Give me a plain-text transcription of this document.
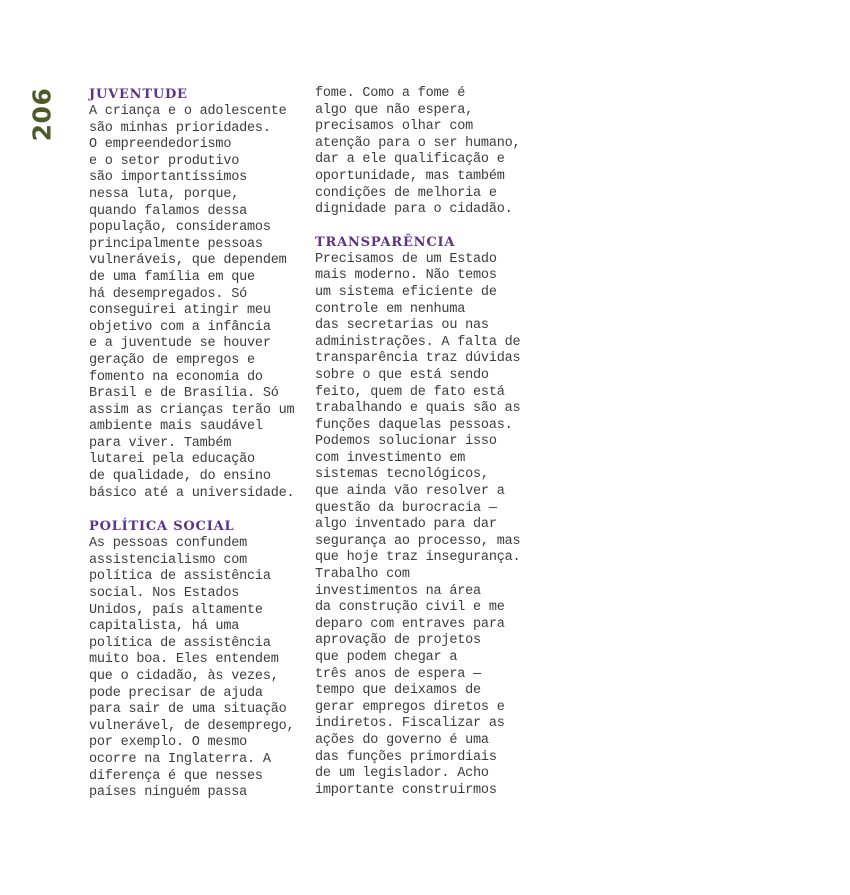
206	JUVENTUDE
A criança e o adolescente
são minhas prioridades.
O empreendedorismo
e o setor produtivo
são importantíssimos
nessa luta, porque,
quando falamos dessa
população, consideramos
principalmente pessoas
vulneráveis, que dependem
de uma família em que
há desempregados. Só
conseguirei atingir meu
objetivo com a infância
e a juventude se houver
geração de empregos e
fomento na economia do
Brasil e de Brasília. Só
assim as crianças terão um
ambiente mais saudável
para viver. Também
lutarei pela educação
de qualidade, do ensino
básico até a universidade.
POLÍTICA SOCIAL
As pessoas confundem
assistencialismo com
política de assistência
social. Nos Estados
Unidos, país altamente
capitalista, há uma
política de assistência
muito boa. Eles entendem
que o cidadão, às vezes,
pode precisar de ajuda
para sair de uma situação
vulnerável, de desemprego,
por exemplo. O mesmo
ocorre na Inglaterra. A
diferença é que nesses
países ninguém passa
fome. Como a fome é
algo que não espera,
precisamos olhar com
atenção para o ser humano,
dar a ele qualificação e
oportunidade, mas também
condições de melhoria e
dignidade para o cidadão.
TRANSPARÊNCIA
Precisamos de um Estado
mais moderno. Não temos
um sistema eficiente de
controle em nenhuma
das secretarias ou nas
administrações. A falta de
transparência traz dúvidas
sobre o que está sendo
feito, quem de fato está
trabalhando e quais são as
funções daquelas pessoas.
Podemos solucionar isso
com investimento em
sistemas tecnológicos,
que ainda vão resolver a
questão da burocracia —
algo inventado para dar
segurança ao processo, mas
que hoje traz insegurança.
Trabalho com
investimentos na área
da construção civil e me
deparo com entraves para
aprovação de projetos
que podem chegar a
três anos de espera —
tempo que deixamos de
gerar empregos diretos e
indiretos. Fiscalizar as
ações do governo é uma
das funções primordiais
de um legislador. Acho
importante construirmos
